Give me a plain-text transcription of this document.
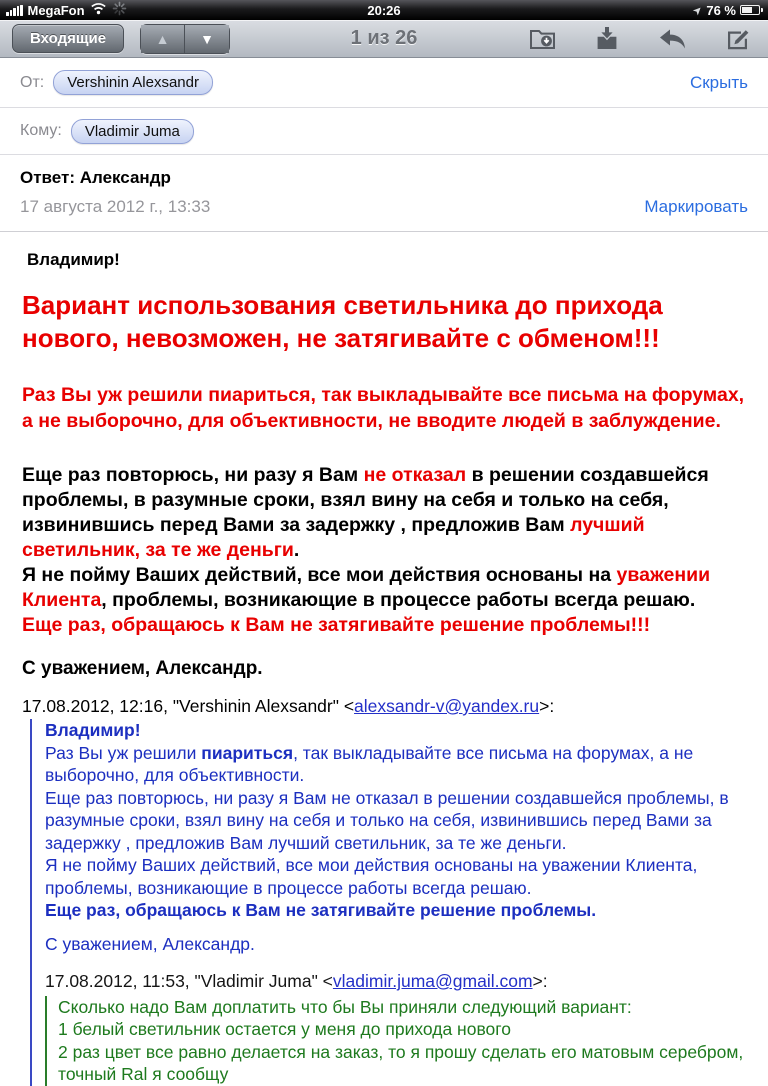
MegaFon	20:26	➤ 76 %
1 из 26
Входящие	▲	▼
От:	Vershinin Alexsandr	Скрыть
Кому:	Vladimir Juma
Ответ: Александр
17 августа 2012 г., 13:33	Маркировать
Владимир!
Вариант использования светильника до прихода нового, невозможен, не затягивайте с обменом!!!
Раз Вы уж решили пиариться, так выкладывайте все письма на форумах, а не выборочно, для объективности, не вводите людей в заблуждение.
Еще раз повторюсь, ни разу я Вам не отказал в решении создавшейся проблемы, в разумные сроки, взял вину на себя и только на себя, извинившись перед Вами за задержку , предложив Вам лучший светильник, за те же деньги.
Я не пойму Ваших действий, все мои действия основаны на уважении Клиента, проблемы, возникающие в процессе работы всегда решаю.
Еще раз, обращаюсь к Вам не затягивайте решение проблемы!!!
С уважением, Александр.
17.08.2012, 12:16, "Vershinin Alexsandr" <alexsandr-v@yandex.ru>:
Владимир!
Раз Вы уж решили пиариться, так выкладывайте все письма на форумах, а не выборочно, для объективности.
Еще раз повторюсь, ни разу я Вам не отказал в решении создавшейся проблемы, в разумные сроки, взял вину на себя и только на себя, извинившись перед Вами за задержку , предложив Вам лучший светильник, за те же деньги.
Я не пойму Ваших действий, все мои действия основаны на уважении Клиента, проблемы, возникающие в процессе работы всегда решаю.
Еще раз, обращаюсь к Вам не затягивайте решение проблемы.
С уважением, Александр.
17.08.2012, 11:53, "Vladimir Juma" <vladimir.juma@gmail.com>:
Сколько надо Вам доплатить что бы Вы приняли следующий вариант:
1 белый светильник остается у меня до прихода нового
2 раз цвет все равно делается на заказ, то я прошу сделать его матовым серебром, точный Ral я сообщу
